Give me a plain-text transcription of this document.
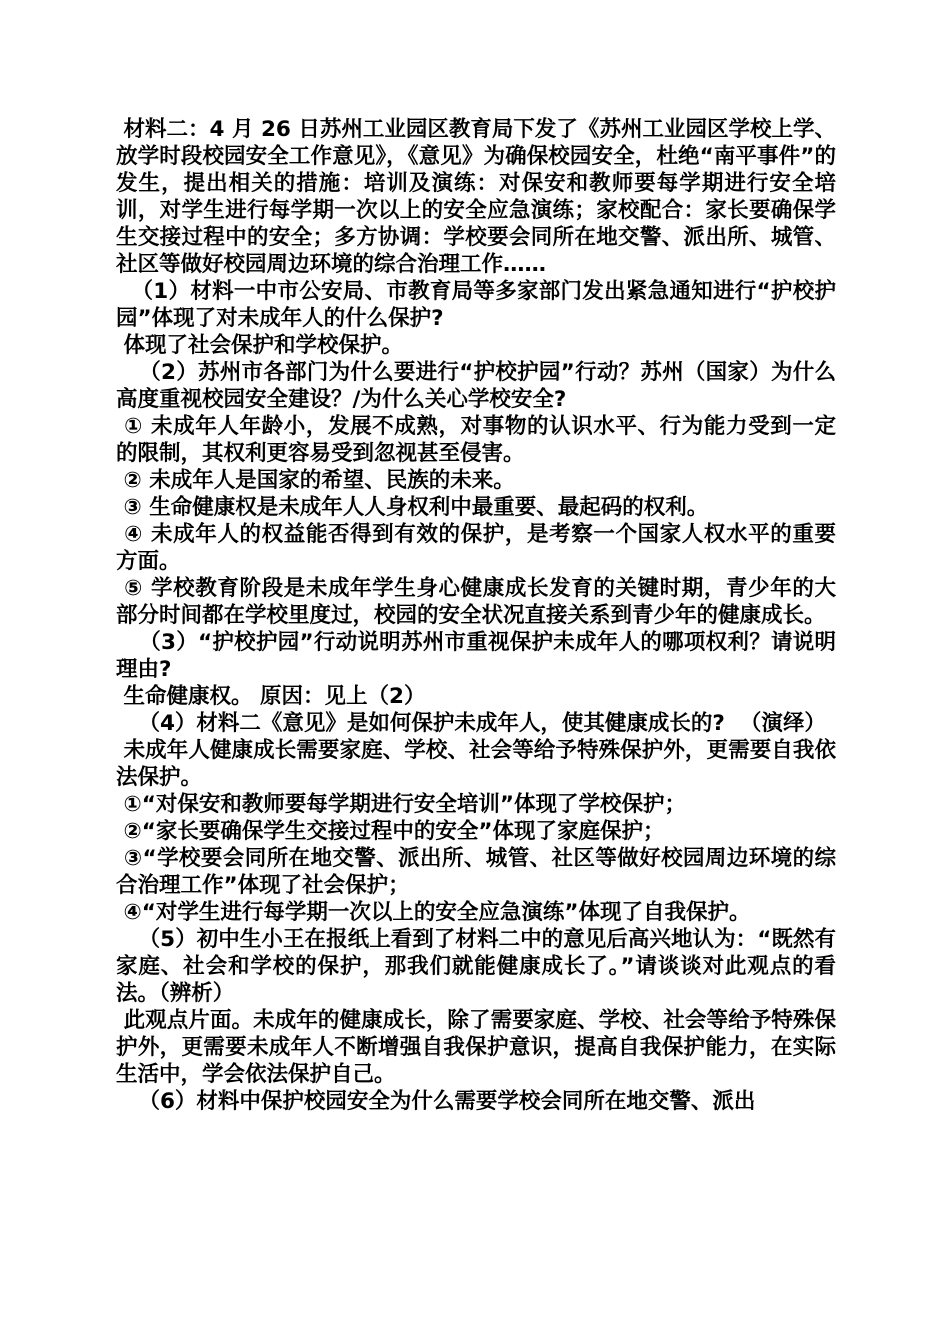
材料二：4 月 26 日苏州工业园区教育局下发了《苏州工业园区学校上学、放学时段校园安全工作意见》，《意见》为确保校园安全，杜绝“南平事件”的发生，提出相关的措施：培训及演练：对保安和教师要每学期进行安全培训，对学生进行每学期一次以上的安全应急演练；家校配合：家长要确保学生交接过程中的安全；多方协调：学校要会同所在地交警、派出所、城管、社区等做好校园周边环境的综合治理工作……

（1）材料一中市公安局、市教育局等多家部门发出紧急通知进行“护校护园”体现了对未成年人的什么保护?

体现了社会保护和学校保护。

（2）苏州市各部门为什么要进行“护校护园”行动？苏州（国家）为什么高度重视校园安全建设？/为什么关心学校安全?

① 未成年人年龄小，发展不成熟，对事物的认识水平、行为能力受到一定的限制，其权利更容易受到忽视甚至侵害。

② 未成年人是国家的希望、民族的未来。

③ 生命健康权是未成年人人身权利中最重要、最起码的权利。

④ 未成年人的权益能否得到有效的保护，是考察一个国家人权水平的重要方面。

⑤ 学校教育阶段是未成年学生身心健康成长发育的关键时期，青少年的大部分时间都在学校里度过，校园的安全状况直接关系到青少年的健康成长。

（3）“护校护园”行动说明苏州市重视保护未成年人的哪项权利？请说明理由?

生命健康权。 原因：见上（2）

（4）材料二《意见》是如何保护未成年人，使其健康成长的?  （演绎）

未成年人健康成长需要家庭、学校、社会等给予特殊保护外，更需要自我依法保护。

①“对保安和教师要每学期进行安全培训”体现了学校保护；

②“家长要确保学生交接过程中的安全”体现了家庭保护；

③“学校要会同所在地交警、派出所、城管、社区等做好校园周边环境的综合治理工作”体现了社会保护；

④“对学生进行每学期一次以上的安全应急演练”体现了自我保护。

（5）初中生小王在报纸上看到了材料二中的意见后高兴地认为：“既然有家庭、社会和学校的保护，那我们就能健康成长了。”请谈谈对此观点的看法。（辨析）

此观点片面。未成年的健康成长，除了需要家庭、学校、社会等给予特殊保护外，更需要未成年人不断增强自我保护意识，提高自我保护能力，在实际生活中，学会依法保护自己。

（6）材料中保护校园安全为什么需要学校会同所在地交警、派出
